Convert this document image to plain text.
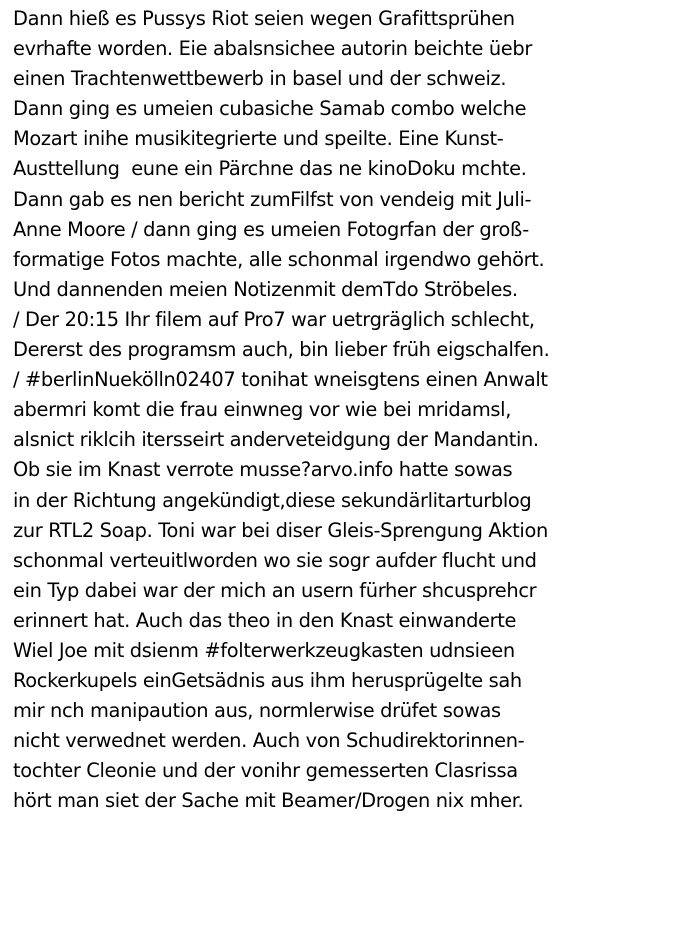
Dann hieß es Pussys Riot seien wegen Grafittsprühen
evrhafte worden. Eie abalsnsichee autorin beichte üebr
einen Trachtenwettbewerb in basel und der schweiz.
Dann ging es umeien cubasiche Samab combo welche
Mozart inihe musikitegrierte und speilte. Eine Kunst-
Austtellung  eune ein Pärchne das ne kinoDoku mchte.
Dann gab es nen bericht zumFilfst von vendeig mit Juli-
Anne Moore / dann ging es umeien Fotogrfan der groß-
formatige Fotos machte, alle schonmal irgendwo gehört.
Und dannenden meien Notizenmit demTdo Ströbeles.
/ Der 20:15 Ihr filem auf Pro7 war uetrgräglich schlecht,
Dererst des programsm auch, bin lieber früh eigschalfen.
/ #berlinNuekölln02407 tonihat wneisgtens einen Anwalt
abermri komt die frau einwneg vor wie bei mridamsl,
alsnict riklcih itersseirt anderveteidgung der Mandantin.
Ob sie im Knast verrote musse?arvo.info hatte sowas
in der Richtung angekündigt,diese sekundärlitarturblog
zur RTL2 Soap. Toni war bei diser Gleis-Sprengung Aktion
schonmal verteuitlworden wo sie sogr aufder flucht und
ein Typ dabei war der mich an usern fürher shcusprehcr
erinnert hat. Auch das theo in den Knast einwanderte
Wiel Joe mit dsienm #folterwerkzeugkasten udnsieen
Rockerkupels einGetsädnis aus ihm herusprügelte sah
mir nch manipaution aus, normlerwise drüfet sowas
nicht verwednet werden. Auch von Schudirektorinnen-
tochter Cleonie und der vonihr gemesserten Clasrissa
hört man siet der Sache mit Beamer/Drogen nix mher.
